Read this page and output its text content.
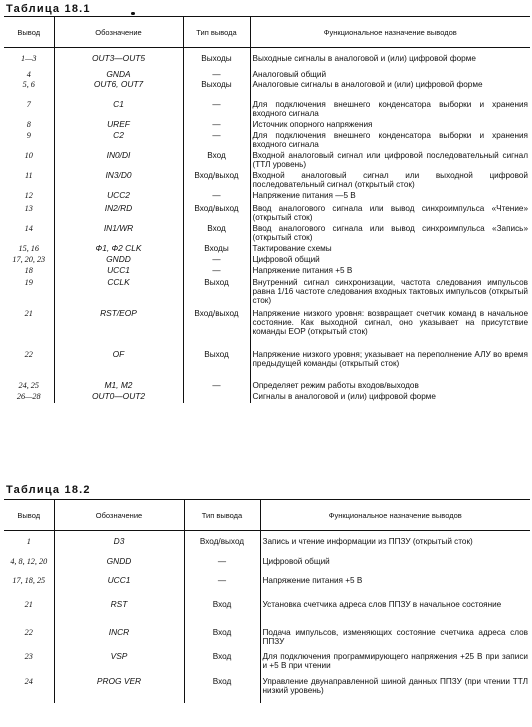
Таблица 18.1
Вывод	Обозначение	Тип вывода	Функциональное назначение выводов
1—3	OUT3—OUT5	Выходы	Выходные сигналы в аналоговой и (или) цифровой форме
4	GNDA	—	Аналоговый общий
5, 6	OUT6, OUT7	Выходы	Аналоговые сигналы в аналоговой и (или) цифровой форме
7	C1	—	Для подключения внешнего конденсатора выборки и хранения входного сигнала
8	UREF	—	Источник опорного напряжения
9	C2	—	Для подключения внешнего конденсатора выборки и хранения входного сигнала
10	IN0/DI	Вход	Входной аналоговый сигнал или цифровой последовательный сигнал (ТТЛ уровень)
11	IN3/D0	Вход/выход	Входной аналоговый сигнал или выходной цифровой последовательный сигнал (открытый сток)
12	UCC2	—	Напряжение питания —5 В
13	IN2/RD	Вход/выход	Ввод аналогового сигнала или вывод синхроимпульса «Чтение» (открытый сток)
14	IN1/WR	Вход	Ввод аналогового сигнала или вывод синхроимпульса «Запись» (открытый сток)
15, 16	Ф1, Ф2 CLK	Входы	Тактирование схемы
17, 20, 23	GNDD	—	Цифровой общий
18	UCC1	—	Напряжение питания +5 В
19	CCLK	Выход	Внутренний сигнал синхронизации, частота следования импульсов равна 1/16 частоте следования входных тактовых импульсов (открытый сток)
21	RST/EOP	Вход/выход	Напряжение низкого уровня: возвращает счетчик команд в начальное состояние. Как выходной сигнал, оно указывает на присутствие команды EOP (открытый сток)
22	OF	Выход	Напряжение низкого уровня; указывает на переполнение АЛУ во время предыдущей команды (открытый сток)
24, 25	M1, M2	—	Определяет режим работы входов/выходов
26—28	OUT0—OUT2		Сигналы в аналоговой и (или) цифровой форме
Таблица 18.2
Вывод	Обозначение	Тип вывода	Функциональное назначение выводов
1	D3	Вход/выход	Запись и чтение информации из ППЗУ (открытый сток)
4, 8, 12, 20	GNDD	—	Цифровой общий
17, 18, 25	UCC1	—	Напряжение питания +5 В
21	RST	Вход	Установка счетчика адреса слов ППЗУ в начальное состояние
22	INCR	Вход	Подача импульсов, изменяющих состояние счетчика адреса слов ППЗУ
23	VSP	Вход	Для подключения программирующего напряжения +25 В при записи и +5 В при чтении
24	PROG VER	Вход	Управление двунаправленной шиной данных ППЗУ (при чтении ТТЛ низкий уровень)
